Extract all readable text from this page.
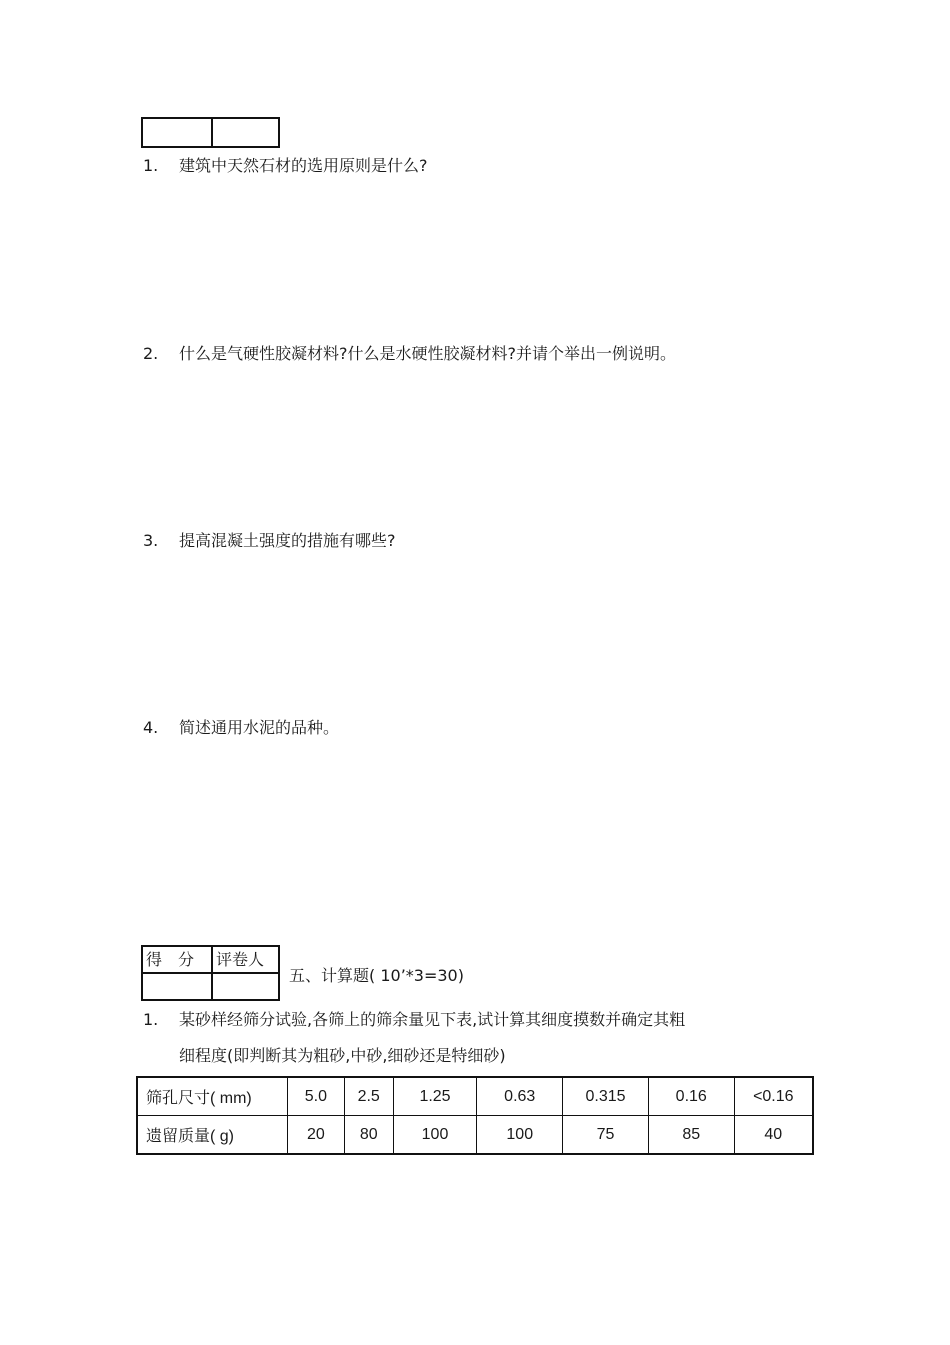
1. 建筑中天然石材的选用原则是什么?
2. 什么是气硬性胶凝材料?什么是水硬性胶凝材料?并请个举出一例说明。
3. 提高混凝土强度的措施有哪些?
4. 简述通用水泥的品种。
得　分	评卷人

五、计算题( 10’*3=30)
1. 某砂样经筛分试验,各筛上的筛余量见下表,试计算其细度摸数并确定其粗
细程度(即判断其为粗砂,中砂,细砂还是特细砂)
筛孔尺寸( mm)	5.0	2.5	1.25	0.63	0.315	0.16	<0.16
遗留质量( g)	20	80	100	100	75	85	40
